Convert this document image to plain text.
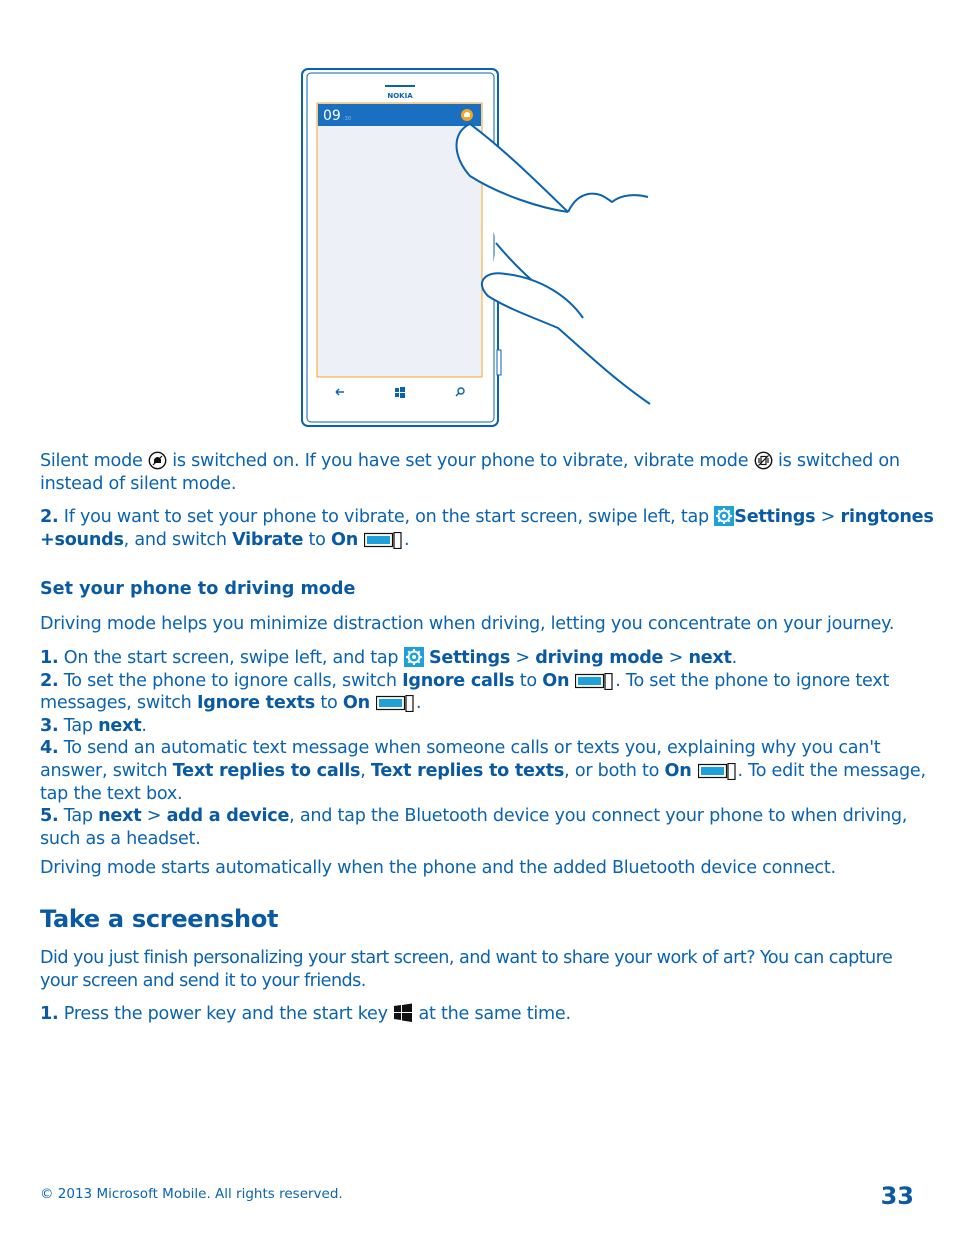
NOKIA
09 :30
Silent mode  is switched on. If you have set your phone to vibrate, vibrate mode  is switched on
instead of silent mode.
2. If you want to set your phone to vibrate, on the start screen, swipe left, tap Settings > ringtones
+sounds, and switch Vibrate to On	.
Set your phone to driving mode
Driving mode helps you minimize distraction when driving, letting you concentrate on your journey.
1. On the start screen, swipe left, and tap  Settings > driving mode > next.
2. To set the phone to ignore calls, switch Ignore calls to On	. To set the phone to ignore text
messages, switch Ignore texts to On	.
3. Tap next.
4. To send an automatic text message when someone calls or texts you, explaining why you can't
answer, switch Text replies to calls, Text replies to texts, or both to On	. To edit the message,
tap the text box.
5. Tap next > add a device, and tap the Bluetooth device you connect your phone to when driving,
such as a headset.
Driving mode starts automatically when the phone and the added Bluetooth device connect.
Take a screenshot
Did you just finish personalizing your start screen, and want to share your work of art? You can capture
your screen and send it to your friends.
1. Press the power key and the start key  at the same time.
© 2013 Microsoft Mobile. All rights reserved.	33
